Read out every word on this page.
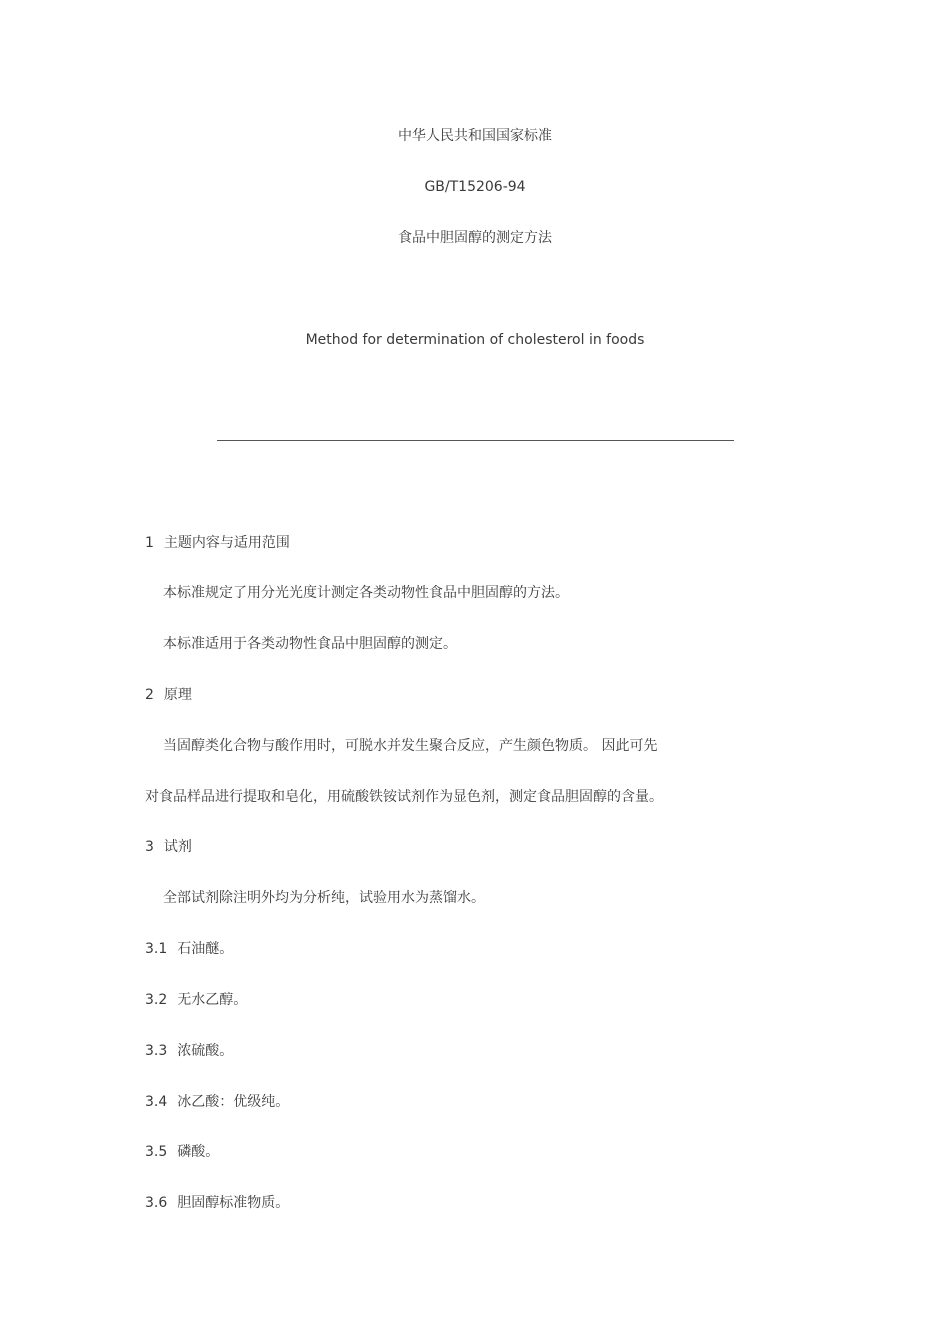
中华人民共和国国家标准
GB/T15206-94
食品中胆固醇的测定方法
Method for determination of cholesterol in foods
1 主题内容与适用范围
本标准规定了用分光光度计测定各类动物性食品中胆固醇的方法。
本标准适用于各类动物性食品中胆固醇的测定。
2 原理
当固醇类化合物与酸作用时，可脱水并发生聚合反应，产生颜色物质。 因此可先
对食品样品进行提取和皂化，用硫酸铁铵试剂作为显色剂，测定食品胆固醇的含量。
3 试剂
全部试剂除注明外均为分析纯，试验用水为蒸馏水。
3.1 石油醚。
3.2 无水乙醇。
3.3 浓硫酸。
3.4 冰乙酸：优级纯。
3.5 磷酸。
3.6 胆固醇标准物质。
